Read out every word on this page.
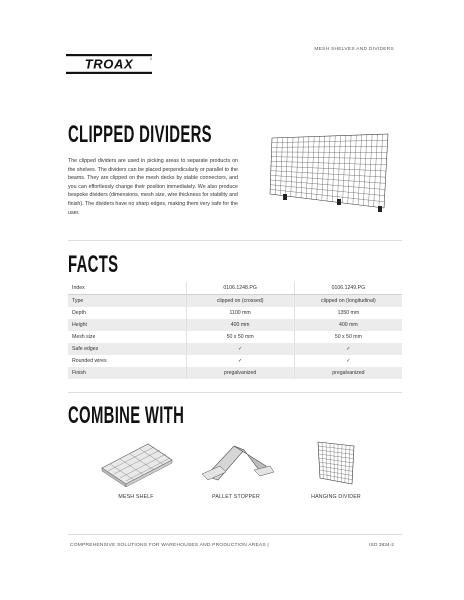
TROAX	®
MESH SHELVES AND DIVIDERS
CLIPPED DIVIDERS
The clipped dividers are used in picking areas to separate products on the shelves. The dividers can be placed perpendicularly or parallel to the beams. They are clipped on the mesh decks by stable connectors, and you can effortlessly change their position immediately. We also produce bespoke dividers (dimensions, mesh size, wire thickness for stability and finish). The dividers have no sharp edges, making them very safe for the user.
FACTS
Index	0106.1248.PG	0106.1249.PG
Type	clipped on (crossed)	clipped on (longitudinal)
Depth	1100 mm	1350 mm
Height	400 mm	400 mm
Mesh size	50 x 50 mm	50 x 50 mm
Safe edges	✓	✓
Rounded wires	✓	✓
Finish	pregalvanized	pregalvanized
COMBINE WITH
MESH SHELF	PALLET STOPPER	HANGING DIVIDER
COMPREHENSIVE SOLUTIONS FOR WAREHOUSES AND PRODUCTION AREAS |	ISO 3834-2
